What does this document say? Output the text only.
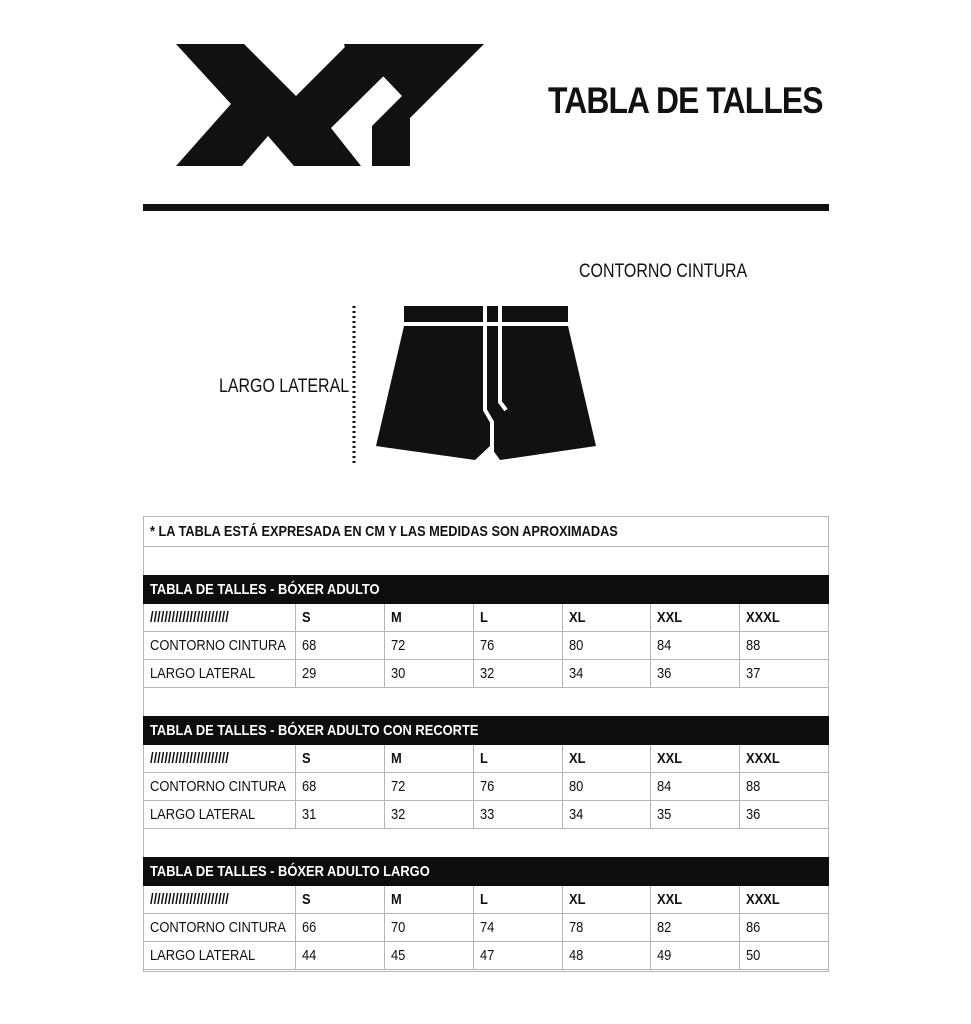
TABLA DE TALLES
CONTORNO CINTURA
LARGO LATERAL
* LA TABLA ESTÁ EXPRESADA EN CM Y LAS MEDIDAS SON APROXIMADAS
TABLA DE TALLES - BÓXER ADULTO						
//////////////////////	S	M	L	XL	XXL	XXXL
CONTORNO CINTURA	68	72	76	80	84	88
LARGO LATERAL	29	30	32	34	36	37
TABLA DE TALLES - BÓXER ADULTO CON RECORTE						
//////////////////////	S	M	L	XL	XXL	XXXL
CONTORNO CINTURA	68	72	76	80	84	88
LARGO LATERAL	31	32	33	34	35	36
TABLA DE TALLES - BÓXER ADULTO LARGO						
//////////////////////	S	M	L	XL	XXL	XXXL
CONTORNO CINTURA	66	70	74	78	82	86
LARGO LATERAL	44	45	47	48	49	50
